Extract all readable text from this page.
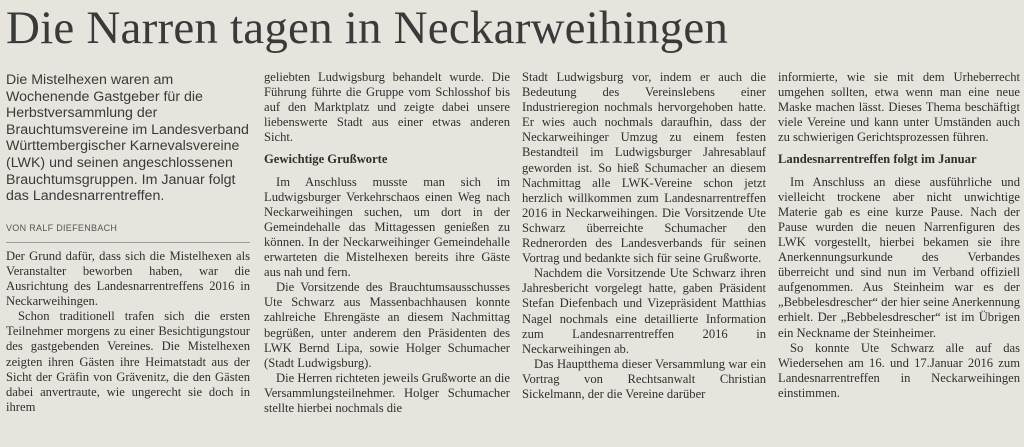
Die Narren tagen in Neckarweihingen

Die Mistelhexen waren am Wochenende Gastgeber für die Herbstversammlung der Brauchtumsvereine im Landesverband Württembergischer Karnevalsvereine (LWK) und seinen angeschlossenen Brauchtumsgruppen. Im Januar folgt das Landesnarrentreffen.

VON RALF DIEFENBACH

Der Grund dafür, dass sich die Mistelhexen als Veranstalter beworben haben, war die Ausrichtung des Landesnarrentreffens 2016 in Neckarweihingen.

Schon traditionell trafen sich die ersten Teilnehmer morgens zu einer Besichtigungstour des gastgebenden Vereines. Die Mistelhexen zeigten ihren Gästen ihre Heimatstadt aus der Sicht der Gräfin von Grävenitz, die den Gästen dabei anvertraute, wie ungerecht sie doch in ihrem

geliebten Ludwigsburg behandelt wurde. Die Führung führte die Gruppe vom Schlosshof bis auf den Marktplatz und zeigte dabei unsere liebenswerte Stadt aus einer etwas anderen Sicht.

Gewichtige Grußworte

Im Anschluss musste man sich im Ludwigsburger Verkehrschaos einen Weg nach Neckarweihingen suchen, um dort in der Gemeindehalle das Mittagessen genießen zu können. In der Neckarweihinger Gemeindehalle erwarteten die Mistelhexen bereits ihre Gäste aus nah und fern.

Die Vorsitzende des Brauchtumsausschusses Ute Schwarz aus Massenbachhausen konnte zahlreiche Ehrengäste an diesem Nachmittag begrüßen, unter anderem den Präsidenten des LWK Bernd Lipa, sowie Holger Schumacher (Stadt Ludwigsburg).

Die Herren richteten jeweils Grußworte an die Versammlungsteilnehmer. Holger Schumacher stellte hierbei nochmals die

Stadt Ludwigsburg vor, indem er auch die Bedeutung des Vereinslebens einer Industrieregion nochmals hervorgehoben hatte. Er wies auch nochmals daraufhin, dass der Neckarweihinger Umzug zu einem festen Bestandteil im Ludwigsburger Jahresablauf geworden ist. So hieß Schumacher an diesem Nachmittag alle LWK-Vereine schon jetzt herzlich willkommen zum Landesnarrentreffen 2016 in Neckarweihingen. Die Vorsitzende Ute Schwarz überreichte Schumacher den Rednerorden des Landesverbands für seinen Vortrag und bedankte sich für seine Grußworte.

Nachdem die Vorsitzende Ute Schwarz ihren Jahresbericht vorgelegt hatte, gaben Präsident Stefan Diefenbach und Vizepräsident Matthias Nagel nochmals eine detaillierte Information zum Landesnarrentreffen 2016 in Neckarweihingen ab.

Das Hauptthema dieser Versammlung war ein Vortrag von Rechtsanwalt Christian Sickelmann, der die Vereine darüber

informierte, wie sie mit dem Urheberrecht umgehen sollten, etwa wenn man eine neue Maske machen lässt. Dieses Thema beschäftigt viele Vereine und kann unter Umständen auch zu schwierigen Gerichtsprozessen führen.

Landesnarrentreffen folgt im Januar

Im Anschluss an diese ausführliche und vielleicht trockene aber nicht unwichtige Materie gab es eine kurze Pause. Nach der Pause wurden die neuen Narrenfiguren des LWK vorgestellt, hierbei bekamen sie ihre Anerkennungsurkunde des Verbandes überreicht und sind nun im Verband offiziell aufgenommen. Aus Steinheim war es der „Bebbelesdrescher“ der hier seine Anerkennung erhielt. Der „Bebbelesdrescher“ ist im Übrigen ein Neckname der Steinheimer.

So konnte Ute Schwarz alle auf das Wiedersehen am 16. und 17.Januar 2016 zum Landesnarrentreffen in Neckarweihingen einstimmen.
